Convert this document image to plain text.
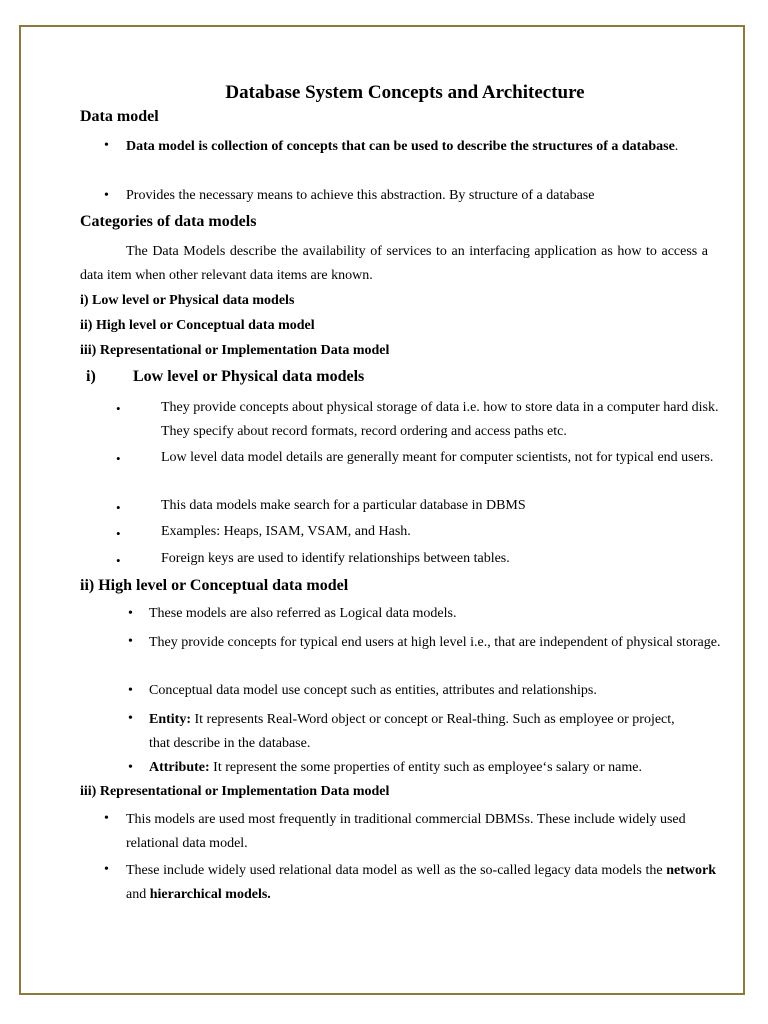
Database System Concepts and Architecture
Data model
• Data model is collection of concepts that can be used to describe the structures of a database.
• Provides the necessary means to achieve this abstraction. By structure of a database
Categories of data models
The Data Models describe the availability of services to an interfacing application as how to access a data item when other relevant data items are known.
i) Low level or Physical data models
ii) High level or Conceptual data model
iii) Representational or Implementation Data model
i) Low level or Physical data models
•	They provide concepts about physical storage of data i.e. how to store data in a computer hard disk. They specify about record formats, record ordering and access paths etc.
•	Low level data model details are generally meant for computer scientists, not for typical end users.
•	This data models make search for a particular database in DBMS
•	Examples: Heaps, ISAM, VSAM, and Hash.
•	Foreign keys are used to identify relationships between tables.
ii) High level or Conceptual data model
• These models are also referred as Logical data models.
• They provide concepts for typical end users at high level i.e., that are independent of physical storage.
• Conceptual data model use concept such as entities, attributes and relationships.
• Entity: It represents Real-Word object or concept or Real-thing. Such as employee or project, that describe in the database.
• Attribute: It represent the some properties of entity such as employee‘s salary or name.
iii) Representational or Implementation Data model
• This models are used most frequently in traditional commercial DBMSs. These include widely used relational data model.
• These include widely used relational data model as well as the so-called legacy data models the network and hierarchical models.
